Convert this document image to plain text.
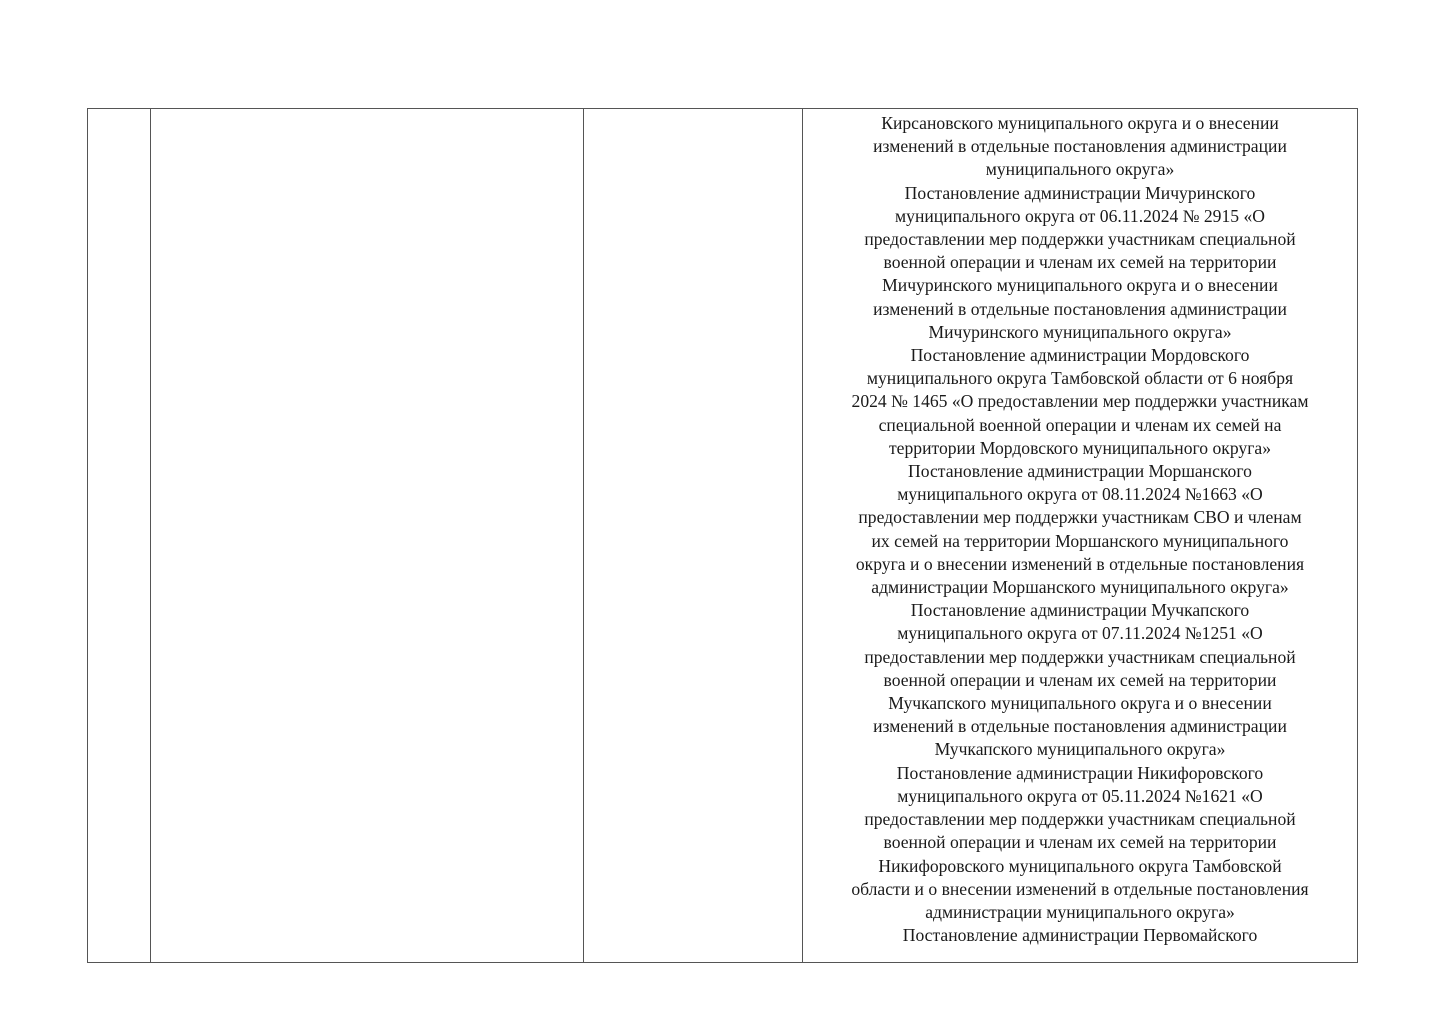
Кирсановского муниципального округа и о внесении
изменений в отдельные постановления администрации
муниципального округа»
Постановление администрации Мичуринского
муниципального округа от 06.11.2024 № 2915 «О
предоставлении мер поддержки участникам специальной
военной операции и членам их семей на территории
Мичуринского муниципального округа и о внесении
изменений в отдельные постановления администрации
Мичуринского муниципального округа»
Постановление администрации Мордовского
муниципального округа Тамбовской области от 6 ноября
2024 № 1465 «О предоставлении мер поддержки участникам
специальной военной операции и членам их семей на
территории Мордовского муниципального округа»
Постановление администрации Моршанского
муниципального округа от 08.11.2024 №1663 «О
предоставлении мер поддержки участникам СВО и членам
их семей на территории Моршанского муниципального
округа и о внесении изменений в отдельные постановления
администрации Моршанского муниципального округа»
Постановление администрации Мучкапского
муниципального округа от 07.11.2024 №1251 «О
предоставлении мер поддержки участникам специальной
военной операции и членам их семей на территории
Мучкапского муниципального округа и о внесении
изменений в отдельные постановления администрации
Мучкапского муниципального округа»
Постановление администрации Никифоровского
муниципального округа от 05.11.2024 №1621 «О
предоставлении мер поддержки участникам специальной
военной операции и членам их семей на территории
Никифоровского муниципального округа Тамбовской
области и о внесении изменений в отдельные постановления
администрации муниципального округа»
Постановление администрации Первомайского
